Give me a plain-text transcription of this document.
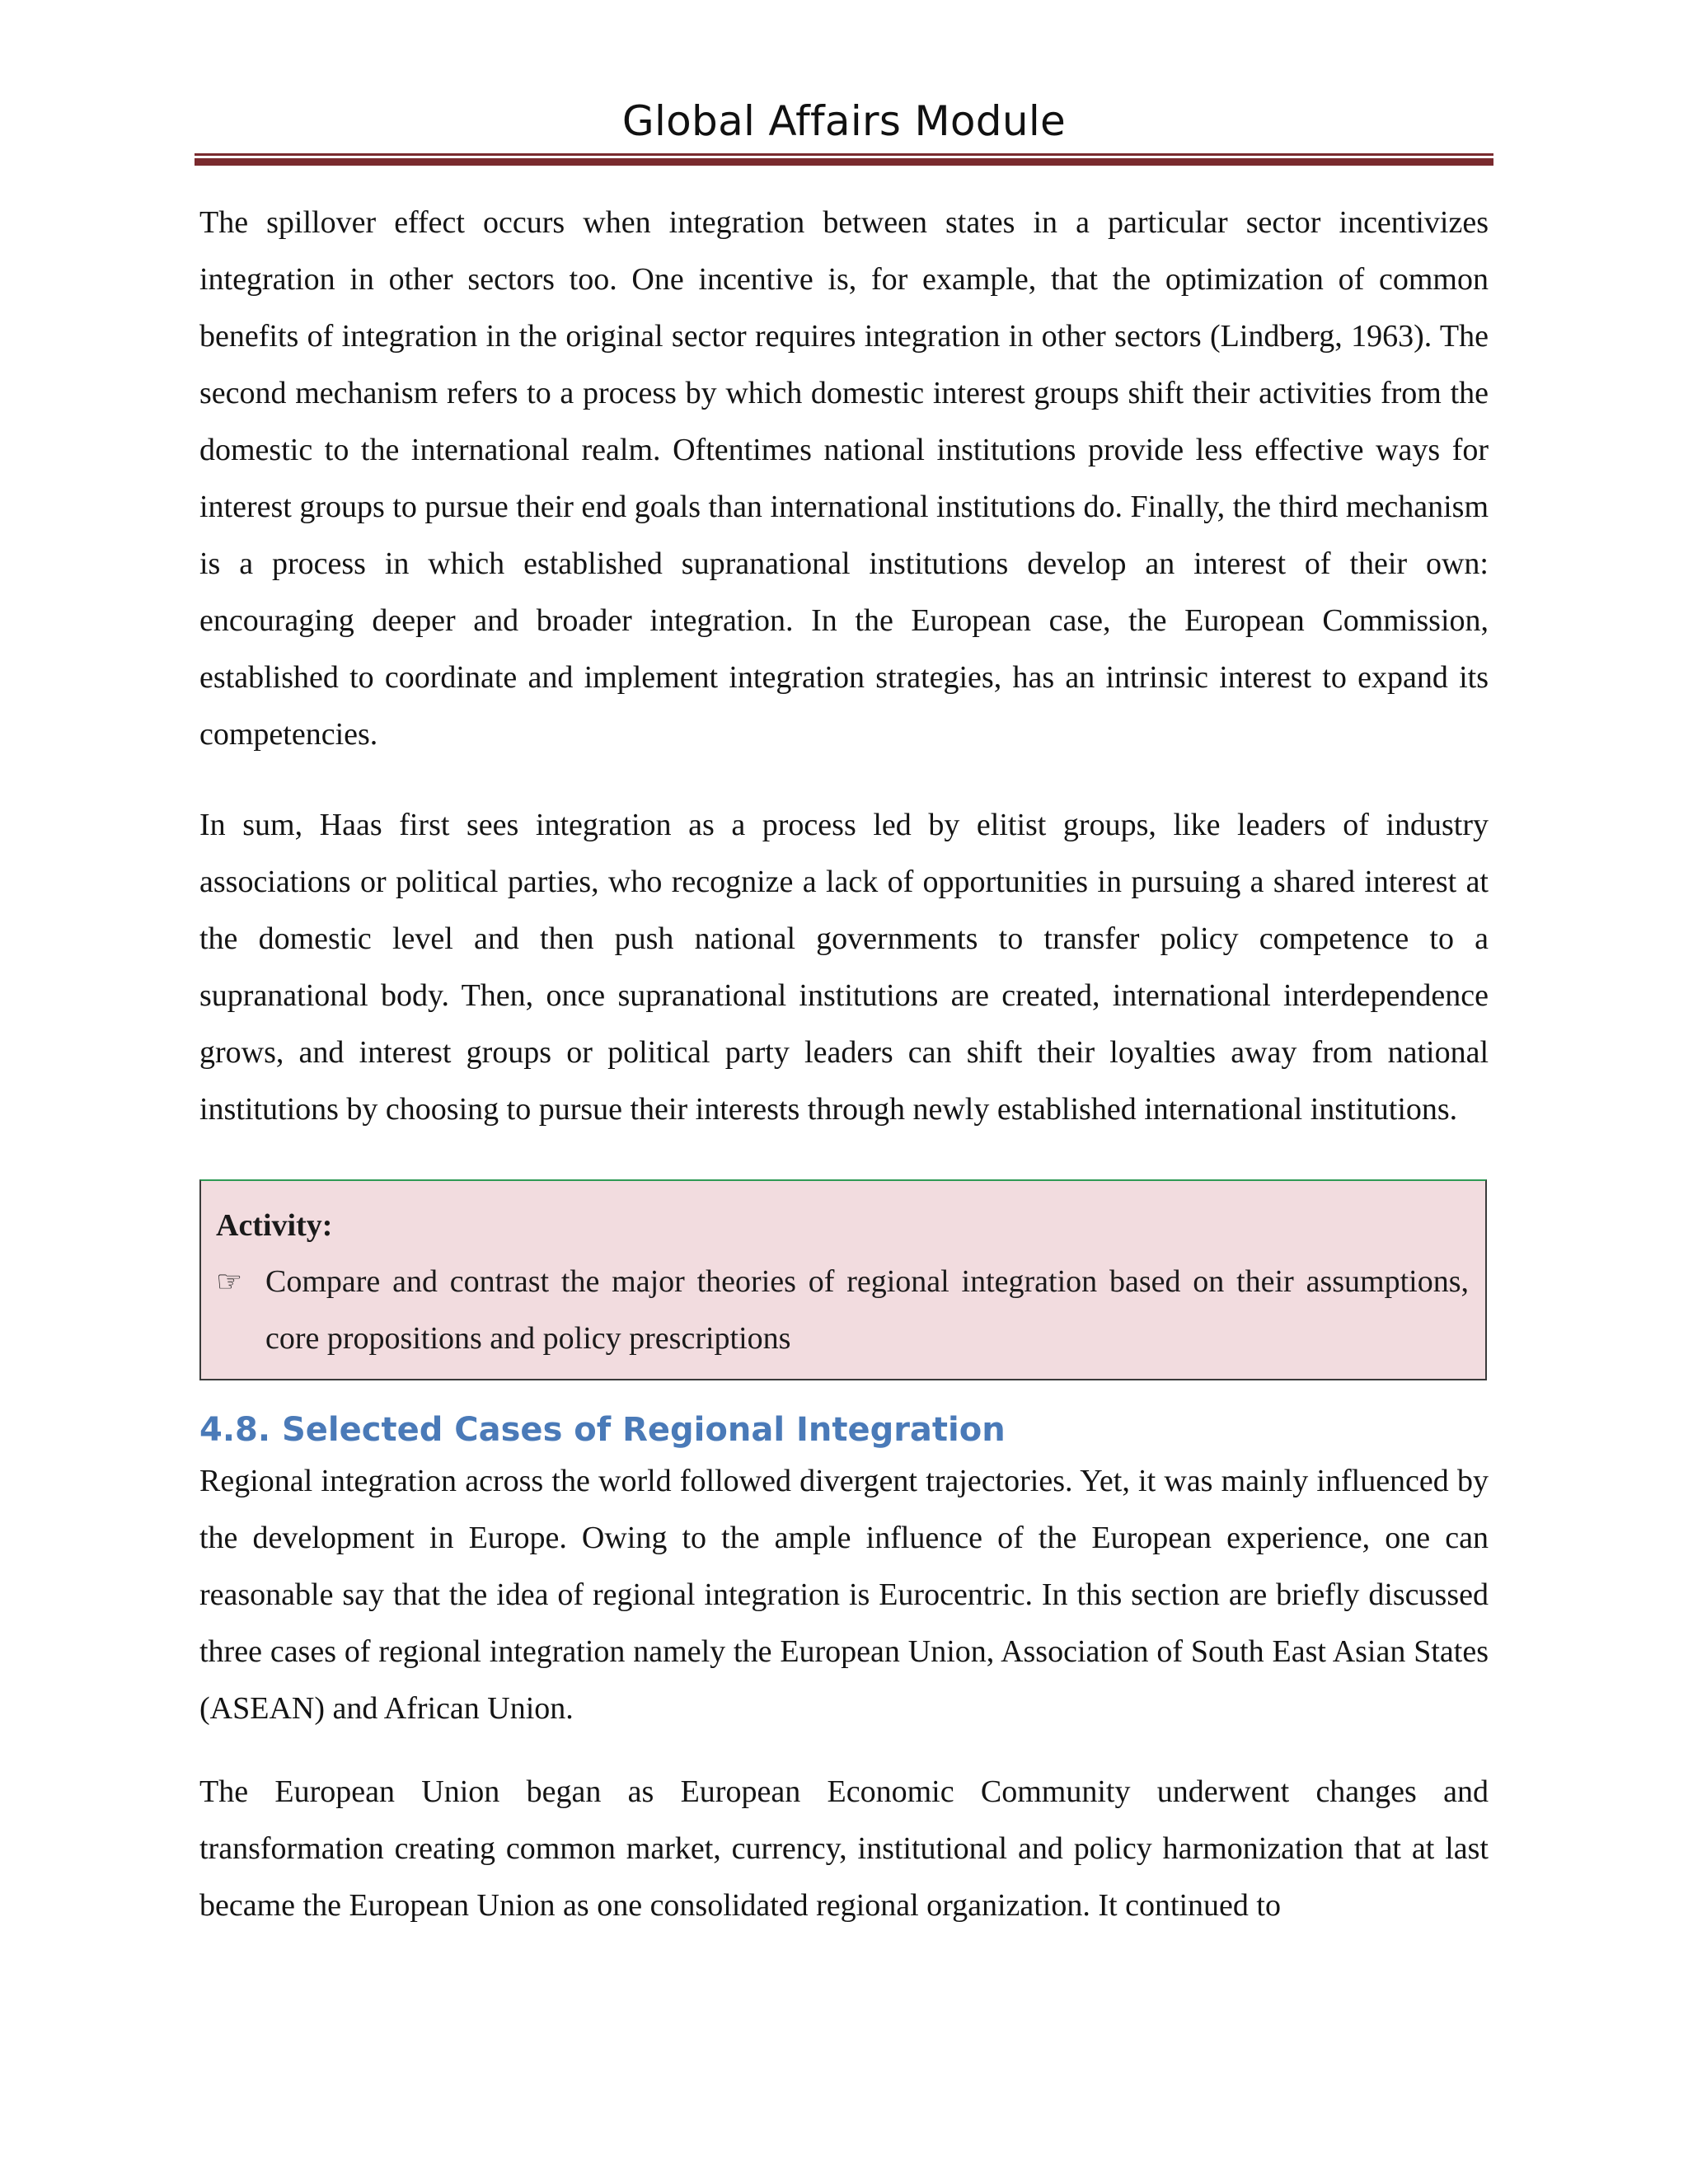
Global Affairs Module

The spillover effect occurs when integration between states in a particular sector incentivizes integration in other sectors too. One incentive is, for example, that the optimization of common benefits of integration in the original sector requires integration in other sectors (Lindberg, 1963). The second mechanism refers to a process by which domestic interest groups shift their activities from the domestic to the international realm. Oftentimes national institutions provide less effective ways for interest groups to pursue their end goals than international institutions do. Finally, the third mechanism is a process in which established supranational institutions develop an interest of their own: encouraging deeper and broader integration. In the European case, the European Commission, established to coordinate and implement integration strategies, has an intrinsic interest to expand its competencies.

In sum, Haas first sees integration as a process led by elitist groups, like leaders of industry associations or political parties, who recognize a lack of opportunities in pursuing a shared interest at the domestic level and then push national governments to transfer policy competence to a supranational body. Then, once supranational institutions are created, international interdependence grows, and interest groups or political party leaders can shift their loyalties away from national institutions by choosing to pursue their interests through newly established international institutions.

Activity:
☞ Compare and contrast the major theories of regional integration based on their assumptions, core propositions and policy prescriptions
4.8. Selected Cases of Regional Integration

Regional integration across the world followed divergent trajectories. Yet, it was mainly influenced by the development in Europe. Owing to the ample influence of the European experience, one can reasonable say that the idea of regional integration is Eurocentric. In this section are briefly discussed three cases of regional integration namely the European Union, Association of South East Asian States (ASEAN) and African Union.

The European Union began as European Economic Community underwent changes and transformation creating common market, currency, institutional and policy harmonization that at last became the European Union as one consolidated regional organization. It continued to
